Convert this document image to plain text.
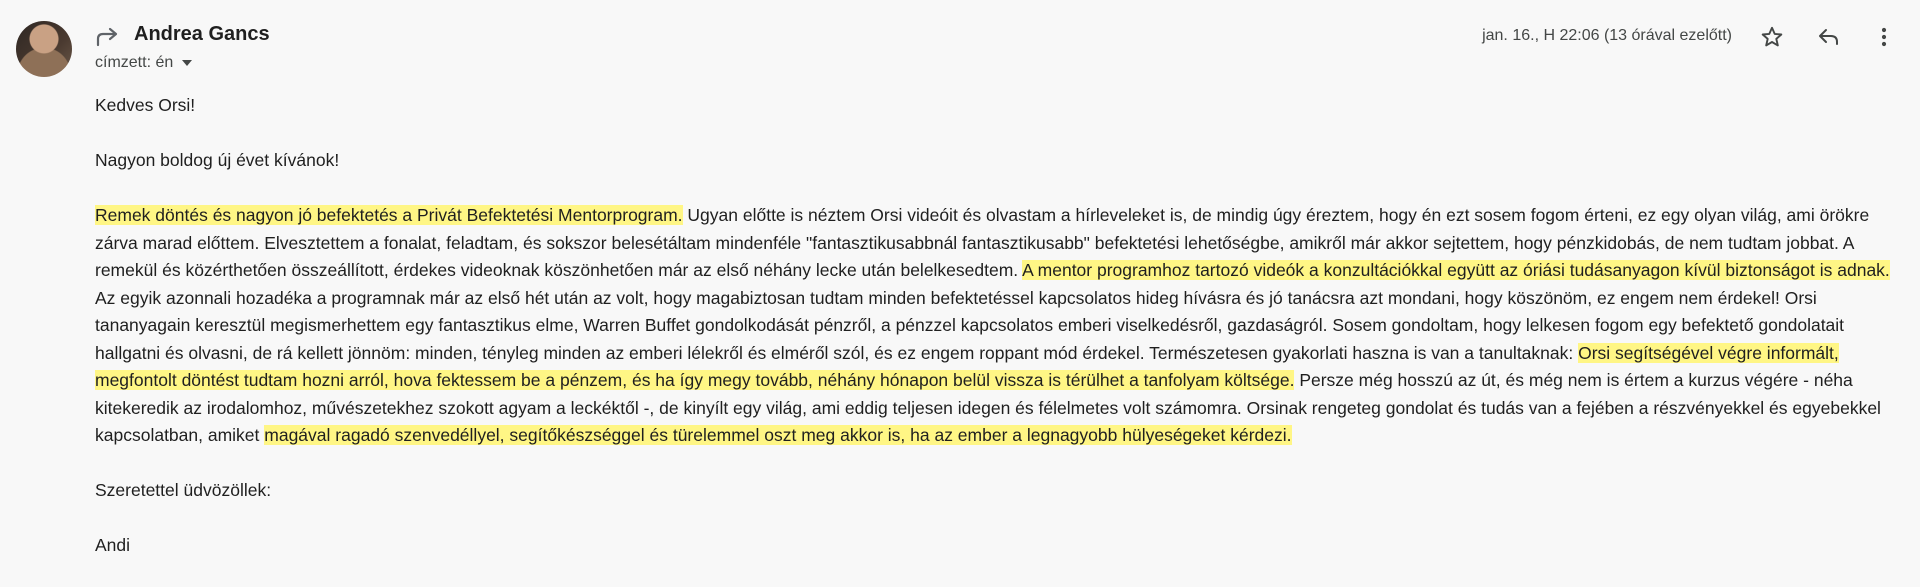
Andrea Gancs
címzett: én
jan. 16., H 22:06 (13 órával ezelőtt)

Kedves Orsi!

Nagyon boldog új évet kívánok!

Remek döntés és nagyon jó befektetés a Privát Befektetési Mentorprogram. Ugyan előtte is néztem Orsi videóit és olvastam a hírleveleket is, de mindig úgy éreztem, hogy én ezt sosem fogom érteni, ez egy olyan világ, ami örökre zárva marad előttem. Elvesztettem a fonalat, feladtam, és sokszor belesétáltam mindenféle "fantasztikusabbnál fantasztikusabb" befektetési lehetőségbe, amikről már akkor sejtettem, hogy pénzkidobás, de nem tudtam jobbat. A remekül és közérthetően összeállított, érdekes videoknak köszönhetően már az első néhány lecke után belelkesedtem. A mentor programhoz tartozó videók a konzultációkkal együtt az óriási tudásanyagon kívül biztonságot is adnak. Az egyik azonnali hozadéka a programnak már az első hét után az volt, hogy magabiztosan tudtam minden befektetéssel kapcsolatos hideg hívásra és jó tanácsra azt mondani, hogy köszönöm, ez engem nem érdekel! Orsi tananyagain keresztül megismerhettem egy fantasztikus elme, Warren Buffet gondolkodását pénzről, a pénzzel kapcsolatos emberi viselkedésről, gazdaságról. Sosem gondoltam, hogy lelkesen fogom egy befektető gondolatait hallgatni és olvasni, de rá kellett jönnöm: minden, tényleg minden az emberi lélekről és elméről szól, és ez engem roppant mód érdekel. Természetesen gyakorlati haszna is van a tanultaknak: Orsi segítségével végre informált, megfontolt döntést tudtam hozni arról, hova fektessem be a pénzem, és ha így megy tovább, néhány hónapon belül vissza is térülhet a tanfolyam költsége. Persze még hosszú az út, és még nem is értem a kurzus végére - néha kitekeredik az irodalomhoz, művészetekhez szokott agyam a leckéktől -, de kinyílt egy világ, ami eddig teljesen idegen és félelmetes volt számomra. Orsinak rengeteg gondolat és tudás van a fejében a részvényekkel és egyebekkel kapcsolatban, amiket magával ragadó szenvedéllyel, segítőkészséggel és türelemmel oszt meg akkor is, ha az ember a legnagyobb hülyeségeket kérdezi.

Szeretettel üdvözöllek:

Andi
